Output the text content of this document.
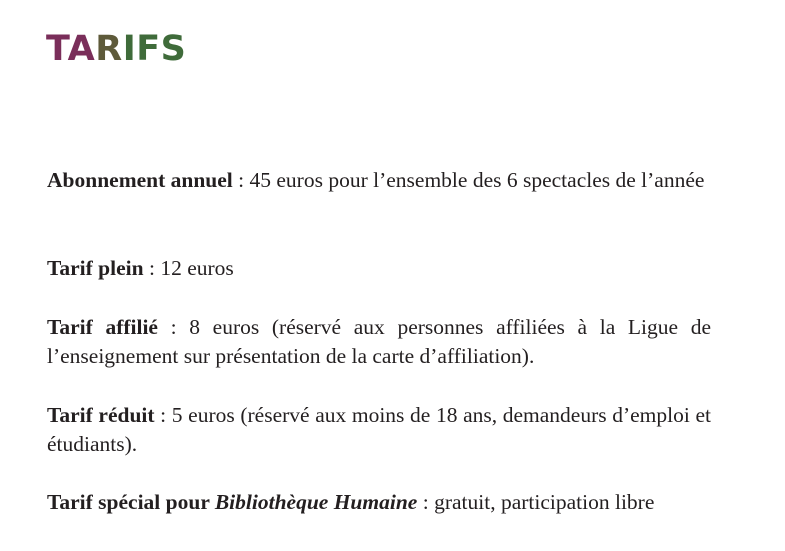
TARIFS

Abonnement annuel : 45 euros pour l’ensemble des 6 spectacles de l’année

Tarif plein : 12 euros

Tarif affilié : 8 euros (réservé aux personnes affiliées à la Ligue de l’enseignement sur présentation de la carte d’affiliation).

Tarif réduit : 5 euros (réservé aux moins de 18 ans, demandeurs d’emploi et étudiants).

Tarif spécial pour Bibliothèque Humaine : gratuit, participation libre
